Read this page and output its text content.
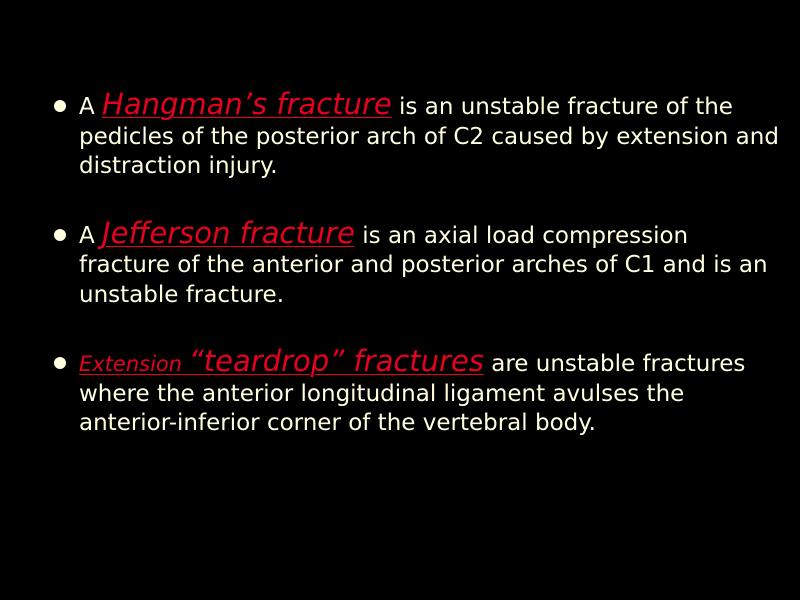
A Hangman’s fracture is an unstable fracture of the pedicles of the posterior arch of C2 caused by extension and distraction injury.
A Jefferson fracture is an axial load compression fracture of the anterior and posterior arches of C1 and is an unstable fracture.
Extension “teardrop” fractures are unstable fractures where the anterior longitudinal ligament avulses the anterior-inferior corner of the vertebral body.
